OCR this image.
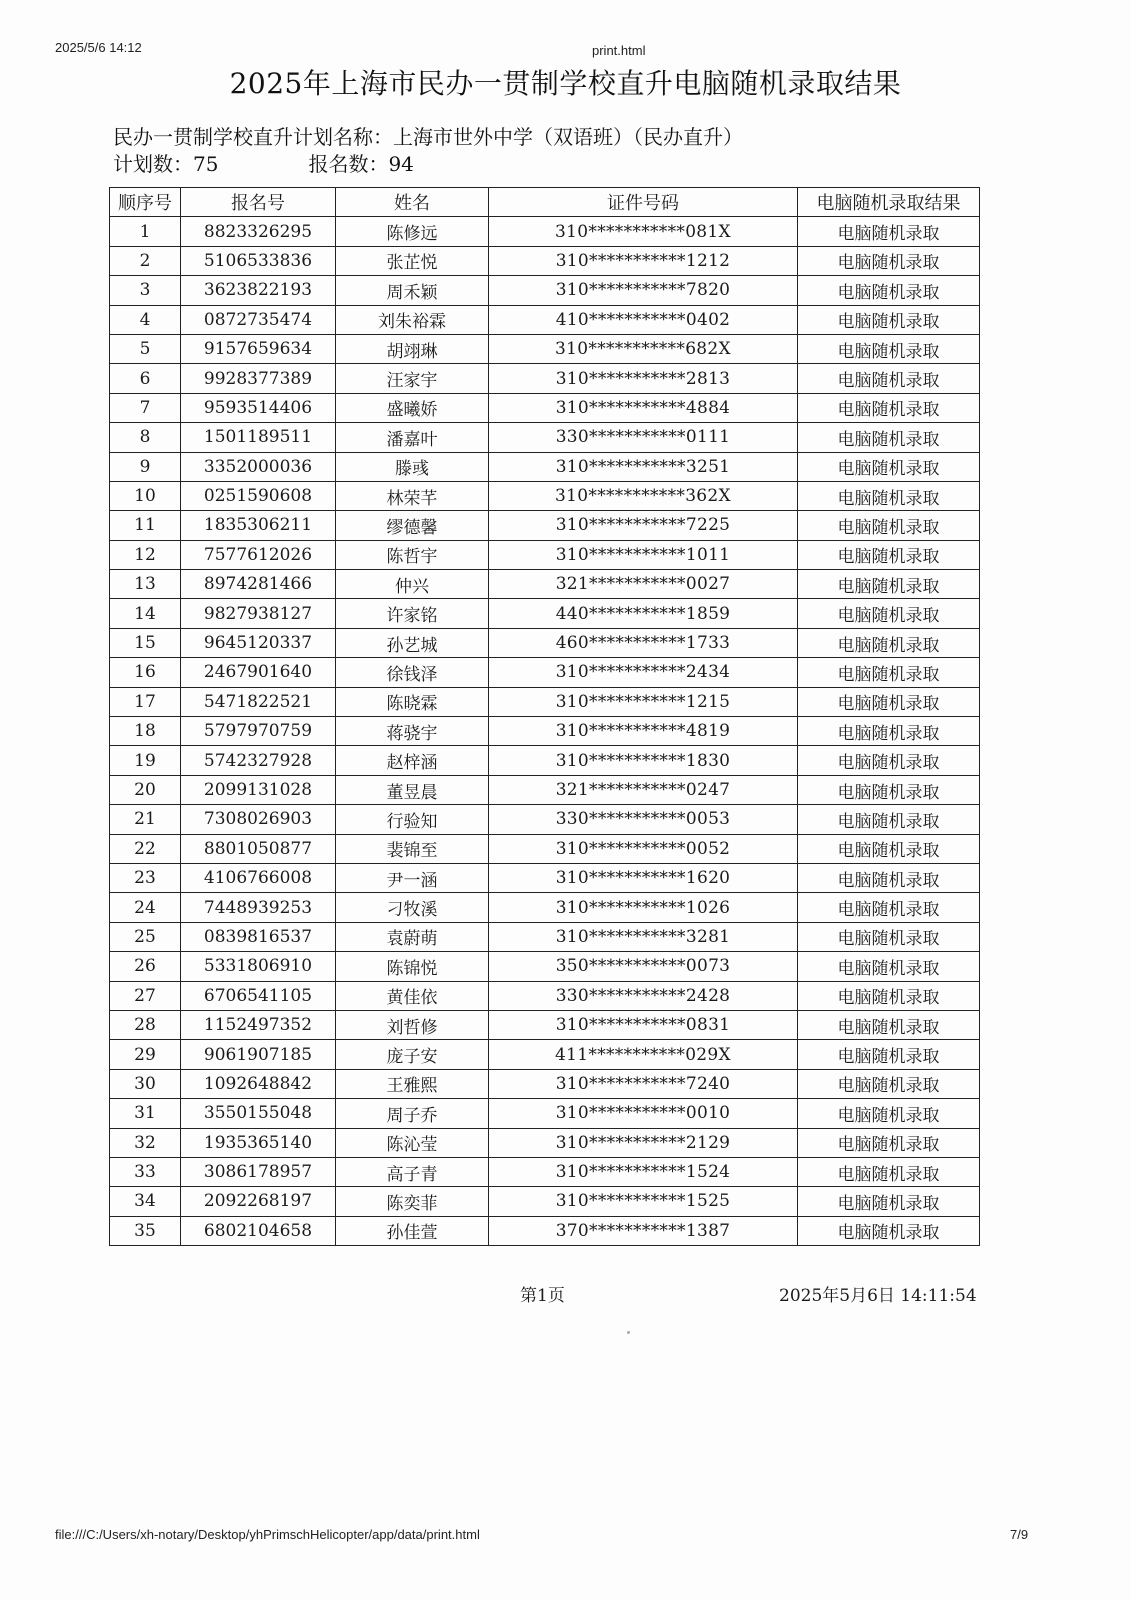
2025/5/6 14:12	print.html
2025年上海市民办一贯制学校直升电脑随机录取结果
民办一贯制学校直升计划名称：上海市世外中学（双语班）（民办直升）
计划数：75	报名数：94
顺序号	报名号	姓名	证件号码	电脑随机录取结果
1	8823326295	陈修远	310***********081X	电脑随机录取
2	5106533836	张芷悦	310***********1212	电脑随机录取
3	3623822193	周禾颖	310***********7820	电脑随机录取
4	0872735474	刘朱裕霖	410***********0402	电脑随机录取
5	9157659634	胡翊琳	310***********682X	电脑随机录取
6	9928377389	汪家宇	310***********2813	电脑随机录取
7	9593514406	盛曦娇	310***********4884	电脑随机录取
8	1501189511	潘嘉叶	330***********0111	电脑随机录取
9	3352000036	滕彧	310***********3251	电脑随机录取
10	0251590608	林荣芊	310***********362X	电脑随机录取
11	1835306211	缪德馨	310***********7225	电脑随机录取
12	7577612026	陈哲宇	310***********1011	电脑随机录取
13	8974281466	仲兴	321***********0027	电脑随机录取
14	9827938127	许家铭	440***********1859	电脑随机录取
15	9645120337	孙艺城	460***********1733	电脑随机录取
16	2467901640	徐钱泽	310***********2434	电脑随机录取
17	5471822521	陈晓霖	310***********1215	电脑随机录取
18	5797970759	蒋骁宇	310***********4819	电脑随机录取
19	5742327928	赵梓涵	310***********1830	电脑随机录取
20	2099131028	董昱晨	321***********0247	电脑随机录取
21	7308026903	行验知	330***********0053	电脑随机录取
22	8801050877	裴锦至	310***********0052	电脑随机录取
23	4106766008	尹一涵	310***********1620	电脑随机录取
24	7448939253	刁牧溪	310***********1026	电脑随机录取
25	0839816537	袁蔚萌	310***********3281	电脑随机录取
26	5331806910	陈锦悦	350***********0073	电脑随机录取
27	6706541105	黄佳依	330***********2428	电脑随机录取
28	1152497352	刘哲修	310***********0831	电脑随机录取
29	9061907185	庞子安	411***********029X	电脑随机录取
30	1092648842	王雅熙	310***********7240	电脑随机录取
31	3550155048	周子乔	310***********0010	电脑随机录取
32	1935365140	陈沁莹	310***********2129	电脑随机录取
33	3086178957	高子青	310***********1524	电脑随机录取
34	2092268197	陈奕菲	310***********1525	电脑随机录取
35	6802104658	孙佳萱	370***********1387	电脑随机录取
第1页	2025年5月6日 14:11:54
file:///C:/Users/xh-notary/Desktop/yhPrimschHelicopter/app/data/print.html	7/9
